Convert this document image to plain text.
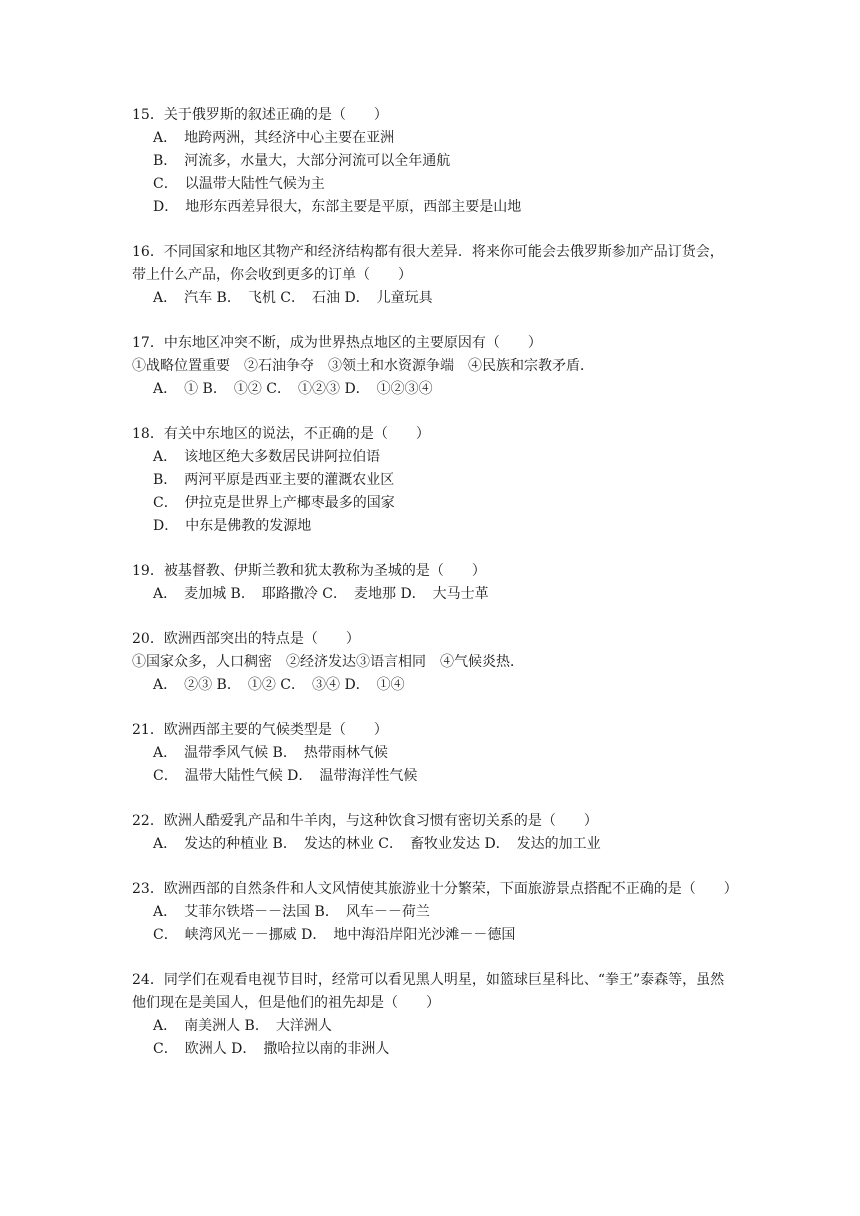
15．关于俄罗斯的叙述正确的是（　　）
A．　地跨两洲，其经济中心主要在亚洲
B．　河流多，水量大，大部分河流可以全年通航
C．　以温带大陆性气候为主
D．　地形东西差异很大，东部主要是平原，西部主要是山地
16．不同国家和地区其物产和经济结构都有很大差异．将来你可能会去俄罗斯参加产品订货会，带上什么产品，你会收到更多的订单（　　）
A．　汽车 B．　飞机 C．　石油 D．　儿童玩具
17．中东地区冲突不断，成为世界热点地区的主要原因有（　　）
①战略位置重要　②石油争夺　③领土和水资源争端　④民族和宗教矛盾．
A．　① B．　①② C．　①②③ D．　①②③④
18．有关中东地区的说法，不正确的是（　　）
A．　该地区绝大多数居民讲阿拉伯语
B．　两河平原是西亚主要的灌溉农业区
C．　伊拉克是世界上产椰枣最多的国家
D．　中东是佛教的发源地
19．被基督教、伊斯兰教和犹太教称为圣城的是（　　）
A．　麦加城 B．　耶路撒冷 C．　麦地那 D．　大马士革
20．欧洲西部突出的特点是（　　）
①国家众多，人口稠密　②经济发达③语言相同　④气候炎热．
A．　②③ B．　①② C．　③④ D．　①④
21．欧洲西部主要的气候类型是（　　）
A．　温带季风气候 B．　热带雨林气候
C．　温带大陆性气候 D．　温带海洋性气候
22．欧洲人酷爱乳产品和牛羊肉，与这种饮食习惯有密切关系的是（　　）
A．　发达的种植业 B．　发达的林业 C．　畜牧业发达 D．　发达的加工业
23．欧洲西部的自然条件和人文风情使其旅游业十分繁荣，下面旅游景点搭配不正确的是（　　）
A．　艾菲尔铁塔－－法国 B．　风车－－荷兰
C．　峡湾风光－－挪威 D．　地中海沿岸阳光沙滩－－德国
24．同学们在观看电视节目时，经常可以看见黑人明星，如篮球巨星科比、“拳王”泰森等，虽然他们现在是美国人，但是他们的祖先却是（　　）
A．　南美洲人 B．　大洋洲人
C．　欧洲人 D．　撒哈拉以南的非洲人
